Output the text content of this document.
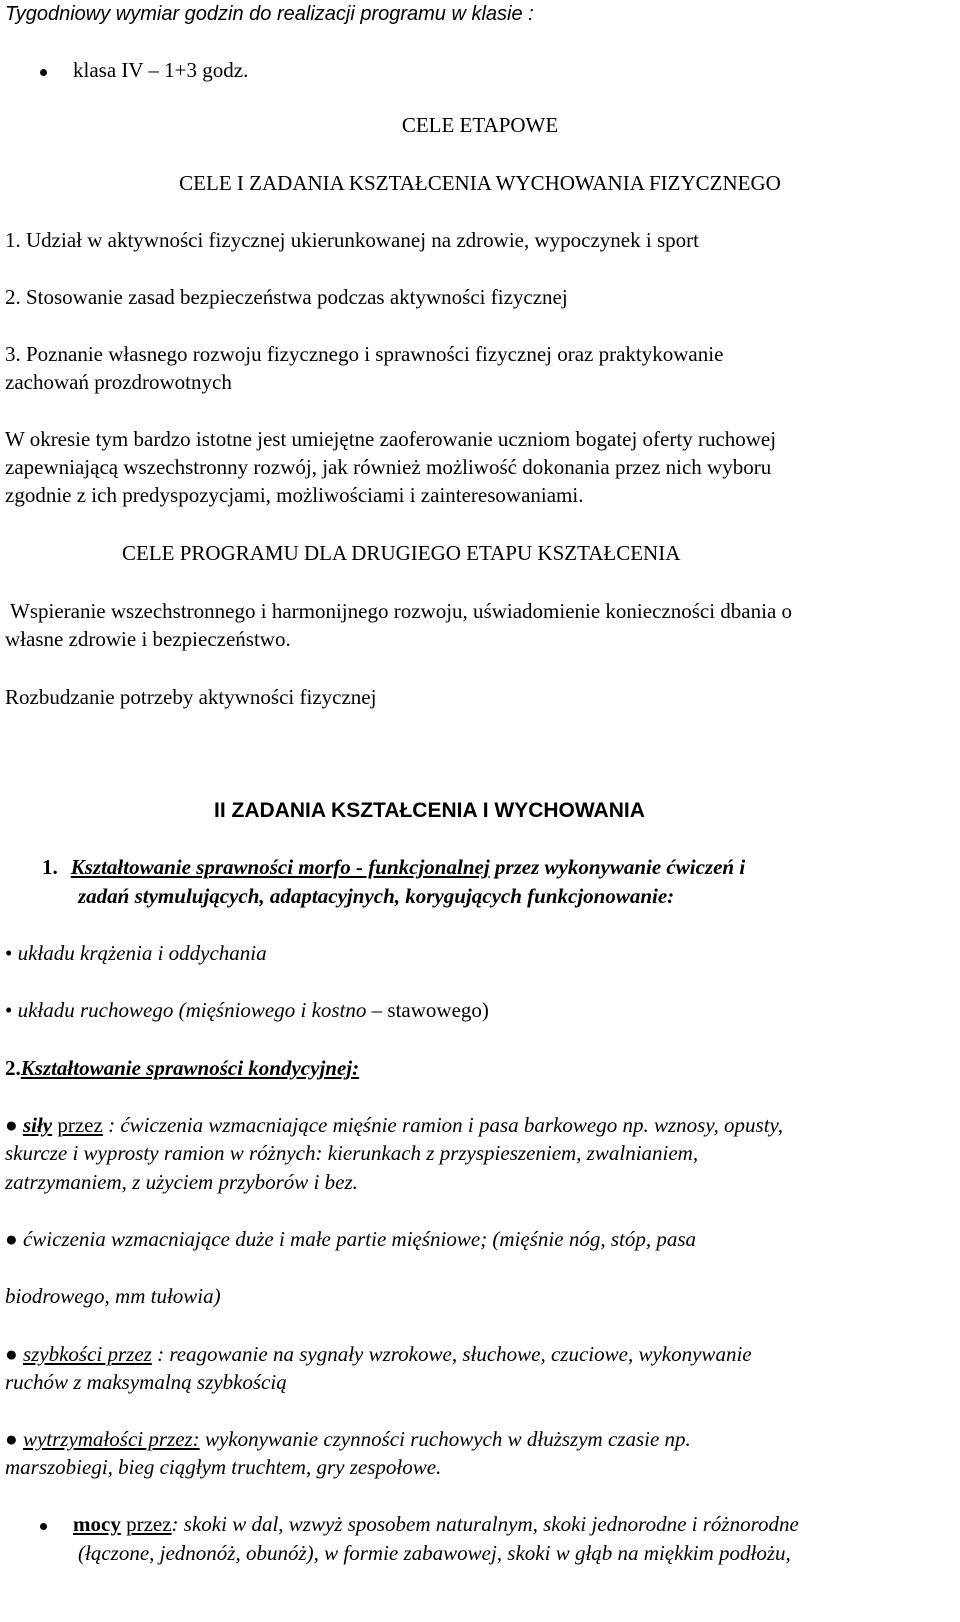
Tygodniowy wymiar godzin do realizacji programu w klasie :
klasa IV – 1+3 godz.
CELE ETAPOWE
CELE I ZADANIA KSZTAŁCENIA WYCHOWANIA FIZYCZNEGO
1. Udział w aktywności fizycznej ukierunkowanej na zdrowie, wypoczynek i sport
2. Stosowanie zasad bezpieczeństwa podczas aktywności fizycznej
3. Poznanie własnego rozwoju fizycznego i sprawności fizycznej oraz praktykowanie
zachowań prozdrowotnych
W okresie tym bardzo istotne jest umiejętne zaoferowanie uczniom bogatej oferty ruchowej
zapewniającą wszechstronny rozwój, jak również możliwość dokonania przez nich wyboru
zgodnie z ich predyspozycjami, możliwościami i zainteresowaniami.
CELE PROGRAMU DLA DRUGIEGO ETAPU KSZTAŁCENIA
Wspieranie wszechstronnego i harmonijnego rozwoju, uświadomienie konieczności dbania o
własne zdrowie i bezpieczeństwo.
Rozbudzanie potrzeby aktywności fizycznej
II ZADANIA KSZTAŁCENIA I WYCHOWANIA
1. Kształtowanie sprawności morfo - funkcjonalnej przez wykonywanie ćwiczeń i
zadań stymulujących, adaptacyjnych, korygujących funkcjonowanie:
• układu krążenia i oddychania
• układu ruchowego (mięśniowego i kostno – stawowego)
2.Kształtowanie sprawności kondycyjnej:
● siły przez : ćwiczenia wzmacniające mięśnie ramion i pasa barkowego np. wznosy, opusty,
skurcze i wyprosty ramion w różnych: kierunkach z przyspieszeniem, zwalnianiem,
zatrzymaniem, z użyciem przyborów i bez.
● ćwiczenia wzmacniające duże i małe partie mięśniowe; (mięśnie nóg, stóp, pasa
biodrowego, mm tułowia)
● szybkości przez : reagowanie na sygnały wzrokowe, słuchowe, czuciowe, wykonywanie
ruchów z maksymalną szybkością
● wytrzymałości przez: wykonywanie czynności ruchowych w dłuższym czasie np.
marszobiegi, bieg ciągłym truchtem, gry zespołowe.
mocy przez: skoki w dal, wzwyż sposobem naturalnym, skoki jednorodne i różnorodne
(łączone, jednonóż, obunóż), w formie zabawowej, skoki w głąb na miękkim podłożu,
